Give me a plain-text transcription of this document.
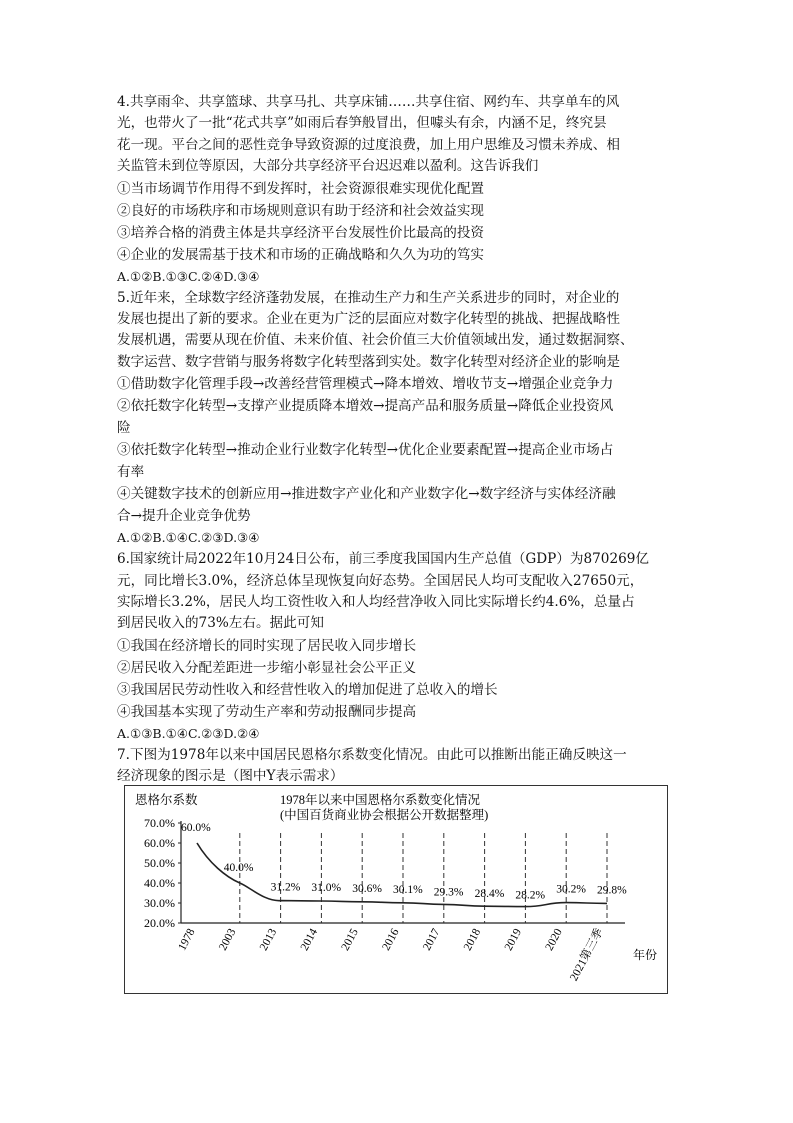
4.共享雨伞、共享篮球、共享马扎、共享床铺……共享住宿、网约车、共享单车的风
光，也带火了一批“花式共享”如雨后春笋般冒出，但噱头有余，内涵不足，终究昙
花一现。平台之间的恶性竞争导致资源的过度浪费，加上用户思维及习惯未养成、相
关监管未到位等原因，大部分共享经济平台迟迟难以盈利。这告诉我们
①当市场调节作用得不到发挥时，社会资源很难实现优化配置
②良好的市场秩序和市场规则意识有助于经济和社会效益实现
③培养合格的消费主体是共享经济平台发展性价比最高的投资
④企业的发展需基于技术和市场的正确战略和久久为功的笃实
A.①②B.①③C.②④D.③④
5.近年来，全球数字经济蓬勃发展，在推动生产力和生产关系进步的同时，对企业的
发展也提出了新的要求。企业在更为广泛的层面应对数字化转型的挑战、把握战略性
发展机遇，需要从现在价值、未来价值、社会价值三大价值领域出发，通过数据洞察、
数字运营、数字营销与服务将数字化转型落到实处。数字化转型对经济企业的影响是
①借助数字化管理手段→改善经营管理模式→降本增效、增收节支→增强企业竞争力
②依托数字化转型→支撑产业提质降本增效→提高产品和服务质量→降低企业投资风
险
③依托数字化转型→推动企业行业数字化转型→优化企业要素配置→提高企业市场占
有率
④关键数字技术的创新应用→推进数字产业化和产业数字化→数字经济与实体经济融
合→提升企业竞争优势
A.①②B.①④C.②③D.③④
6.国家统计局2022年10月24日公布，前三季度我国国内生产总值（GDP）为870269亿
元，同比增长3.0%，经济总体呈现恢复向好态势。全国居民人均可支配收入27650元，
实际增长3.2%，居民人均工资性收入和人均经营净收入同比实际增长约4.6%，总量占
到居民收入的73%左右。据此可知
①我国在经济增长的同时实现了居民收入同步增长
②居民收入分配差距进一步缩小彰显社会公平正义
③我国居民劳动性收入和经营性收入的增加促进了总收入的增长
④我国基本实现了劳动生产率和劳动报酬同步提高
A.①③B.①④C.②③D.②④
7.下图为1978年以来中国居民恩格尔系数变化情况。由此可以推断出能正确反映这一
经济现象的图示是（图中Y表示需求）
恩格尔系数	1978年以来中国恩格尔系数变化情况
(中国百货商业协会根据公开数据整理)
年份
70.0%
60.0%
50.0%
40.0%
30.0%
20.0%
1978 2003 2013 2014 2015 2016 2017 2018 2019 2020 2021第三季
60.0%
40.0%
31.2% 31.0% 30.6% 30.1% 29.3% 28.4% 28.2% 30.2% 29.8%
